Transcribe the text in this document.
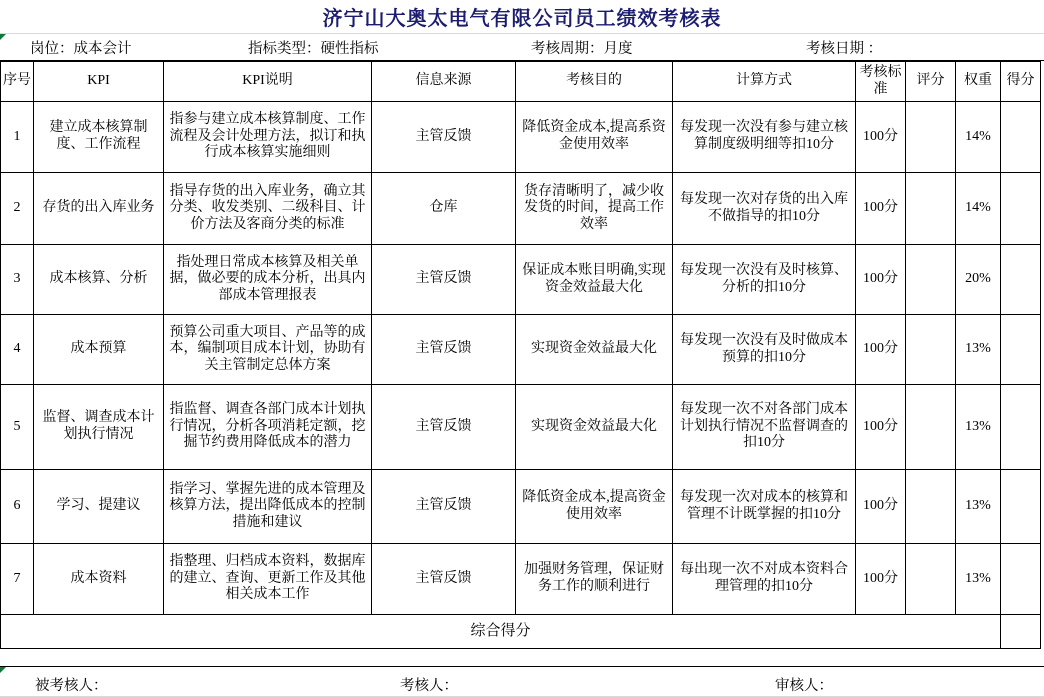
济宁山大奥太电气有限公司员工绩效考核表
岗位：成本会计	指标类型：硬性指标	考核周期：月度	考核日期 ：
序号	KPI	KPI说明	信息来源	考核目的	计算方式	考核标准	评分	权重	得分
1	建立成本核算制度、工作流程	指参与建立成本核算制度、工作流程及会计处理方法，拟订和执行成本核算实施细则	主管反馈	降低资金成本,提高系资金使用效率	每发现一次没有参与建立核算制度级明细等扣10分	100分		14%	
2	存货的出入库业务	指导存货的出入库业务，确立其分类、收发类别、二级科目、计价方法及客商分类的标准	仓库	货存清晰明了，减少收发货的时间，提高工作效率	每发现一次对存货的出入库不做指导的扣10分	100分		14%	
3	成本核算、分析	指处理日常成本核算及相关单据，做必要的成本分析，出具内部成本管理报表	主管反馈	保证成本账目明确,实现资金效益最大化	每发现一次没有及时核算、分析的扣10分	100分		20%	
4	成本预算	预算公司重大项目、产品等的成本，编制项目成本计划，协助有关主管制定总体方案	主管反馈	实现资金效益最大化	每发现一次没有及时做成本预算的扣10分	100分		13%	
5	监督、调查成本计划执行情况	指监督、调查各部门成本计划执行情况，分析各项消耗定额，挖掘节约费用降低成本的潜力	主管反馈	实现资金效益最大化	每发现一次不对各部门成本计划执行情况不监督调查的扣10分	100分		13%	
6	学习、提建议	指学习、掌握先进的成本管理及核算方法，提出降低成本的控制措施和建议	主管反馈	降低资金成本,提高资金使用效率	每发现一次对成本的核算和管理不计既掌握的扣10分	100分		13%	
7	成本资料	指整理、归档成本资料，数据库的建立、查询、更新工作及其他相关成本工作	主管反馈	加强财务管理，保证财务工作的顺利进行	每出现一次不对成本资料合理管理的扣10分	100分		13%	
综合得分									
被考核人：	考核人：	审核人：
